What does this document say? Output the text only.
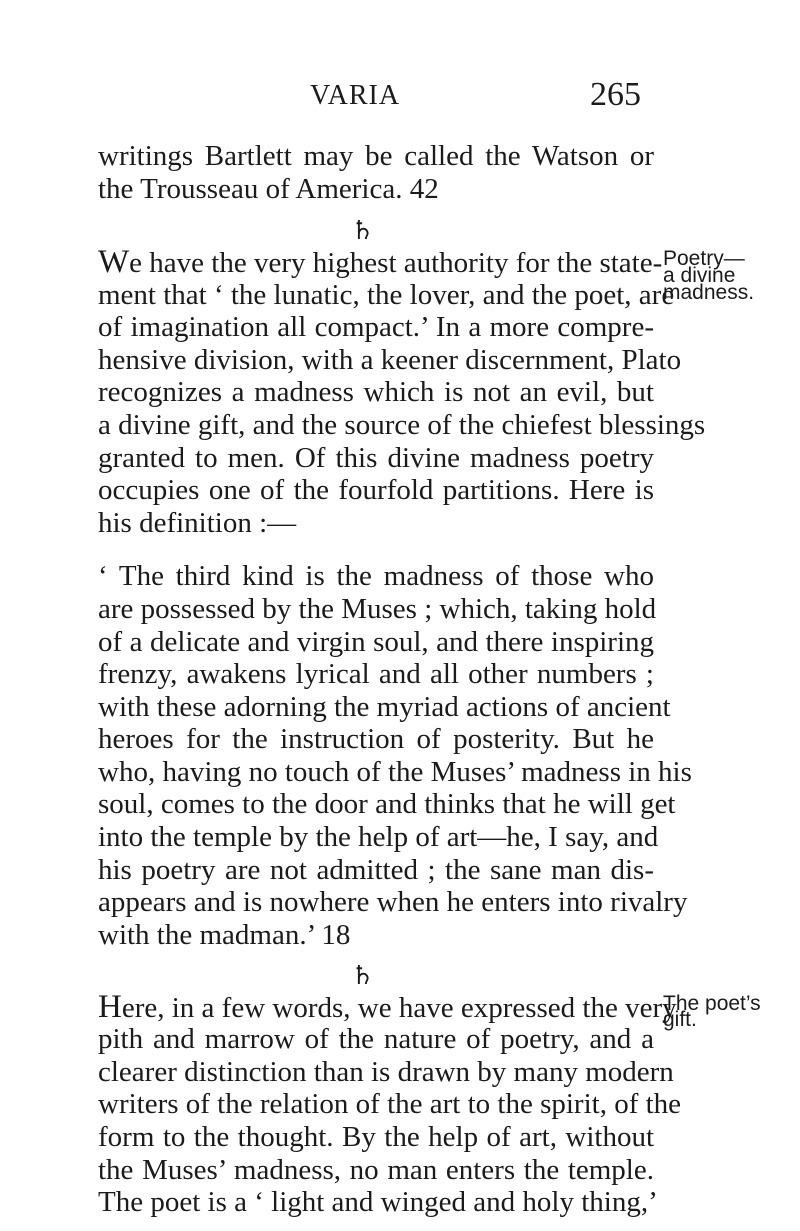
VARIA	265
writings Bartlett may be called the Watson or
the Trousseau of America. 42
♄
We have the very highest authority for the state-
ment that ‘ the lunatic, the lover, and the poet, are
of imagination all compact.’ In a more compre-
hensive division, with a keener discernment, Plato
recognizes a madness which is not an evil, but
a divine gift, and the source of the chiefest blessings
granted to men. Of this divine madness poetry
occupies one of the fourfold partitions. Here is
his definition :—
Poetry—
a divine
madness.
‘ The third kind is the madness of those who
are possessed by the Muses ; which, taking hold
of a delicate and virgin soul, and there inspiring
frenzy, awakens lyrical and all other numbers ;
with these adorning the myriad actions of ancient
heroes for the instruction of posterity. But he
who, having no touch of the Muses’ madness in his
soul, comes to the door and thinks that he will get
into the temple by the help of art—he, I say, and
his poetry are not admitted ; the sane man dis-
appears and is nowhere when he enters into rivalry
with the madman.’ 18
♄
Here, in a few words, we have expressed the very
pith and marrow of the nature of poetry, and a
clearer distinction than is drawn by many modern
writers of the relation of the art to the spirit, of the
form to the thought. By the help of art, without
the Muses’ madness, no man enters the temple.
The poet is a ‘ light and winged and holy thing,’
The poet’s
gift.
